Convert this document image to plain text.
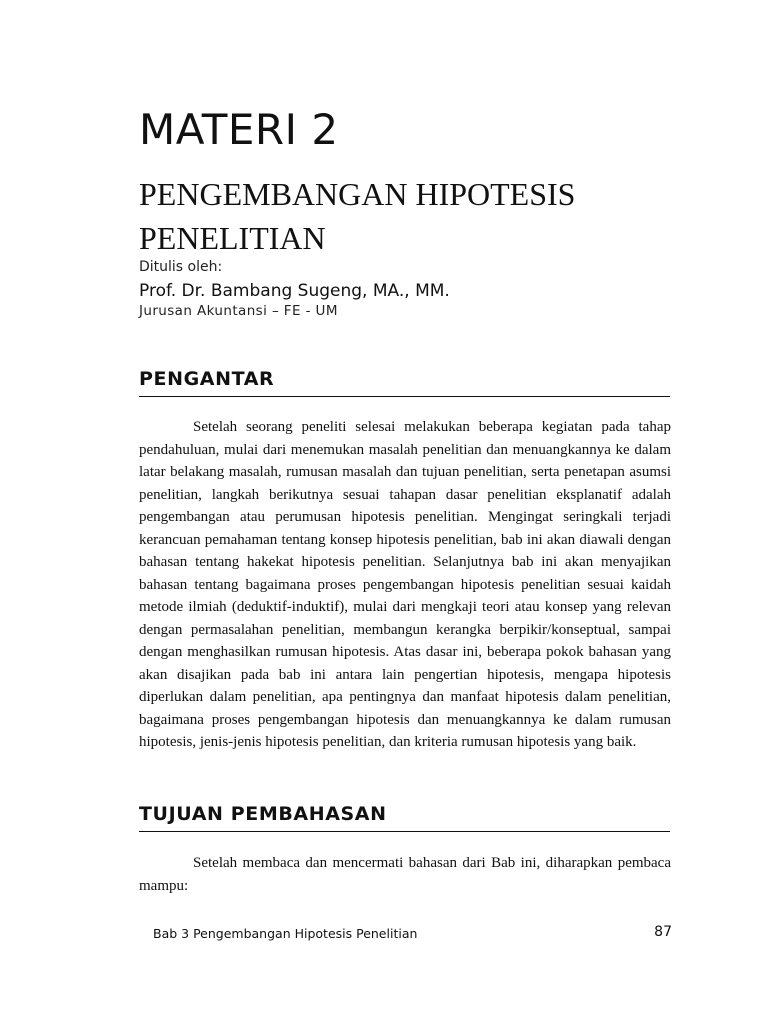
MATERI 2
PENGEMBANGAN HIPOTESIS PENELITIAN
Ditulis oleh:
Prof. Dr. Bambang Sugeng, MA., MM.
Jurusan Akuntansi – FE - UM
PENGANTAR

Setelah seorang peneliti selesai melakukan beberapa kegiatan pada tahap pendahuluan, mulai dari menemukan masalah penelitian dan menuangkannya ke dalam latar belakang masalah, rumusan masalah dan tujuan penelitian, serta penetapan asumsi penelitian, langkah berikutnya sesuai tahapan dasar penelitian eksplanatif adalah pengembangan atau perumusan hipotesis penelitian. Mengingat seringkali terjadi kerancuan pemahaman tentang konsep hipotesis penelitian, bab ini akan diawali dengan bahasan tentang hakekat hipotesis penelitian. Selanjutnya bab ini akan menyajikan bahasan tentang bagaimana proses pengembangan hipotesis penelitian sesuai kaidah metode ilmiah (deduktif-induktif), mulai dari mengkaji teori atau konsep yang relevan dengan permasalahan penelitian, membangun kerangka berpikir/konseptual, sampai dengan menghasilkan rumusan hipotesis. Atas dasar ini, beberapa pokok bahasan yang akan disajikan pada bab ini antara lain pengertian hipotesis, mengapa hipotesis diperlukan dalam penelitian, apa pentingnya dan manfaat hipotesis dalam penelitian, bagaimana proses pengembangan hipotesis dan menuangkannya ke dalam rumusan hipotesis, jenis-jenis hipotesis penelitian, dan kriteria rumusan hipotesis yang baik.

TUJUAN PEMBAHASAN

Setelah membaca dan mencermati bahasan dari Bab ini, diharapkan pembaca mampu:

Bab 3 Pengembangan Hipotesis Penelitian	87
